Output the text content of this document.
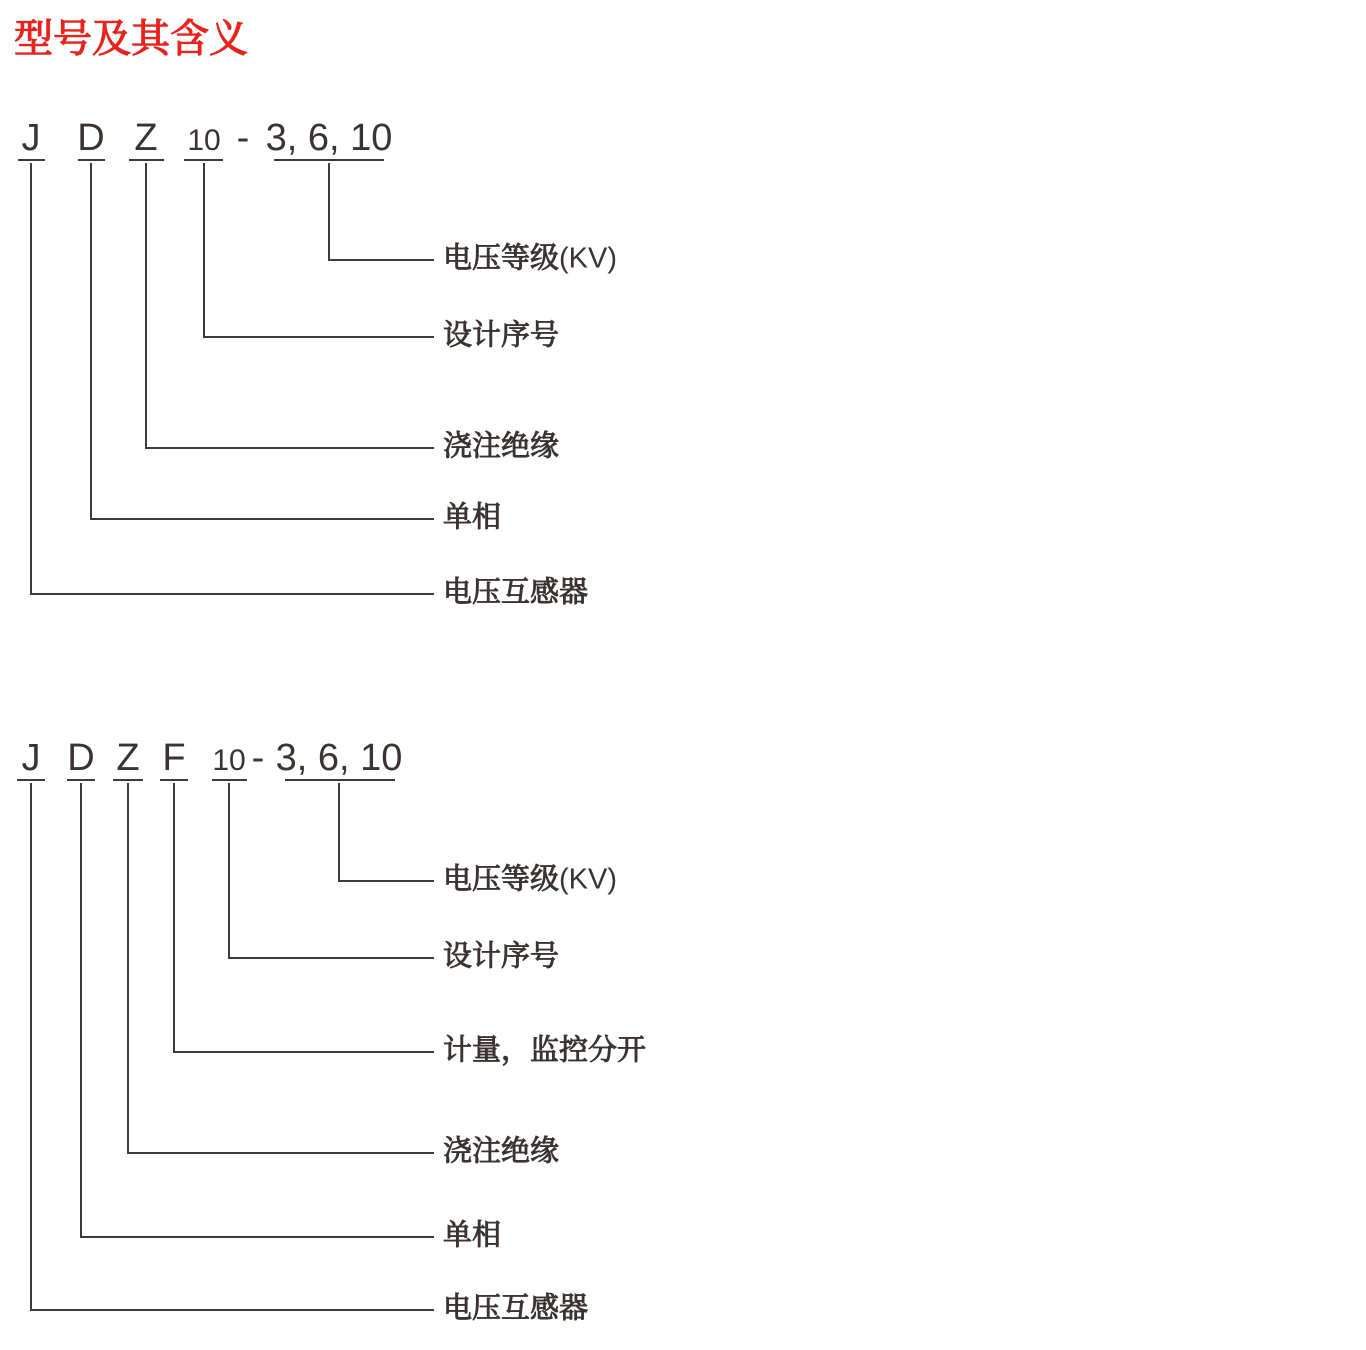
型号及其含义
J
电压互感器
D
单相
Z
浇注绝缘
10
设计序号
- 3, 6, 10
电压等级(KV)
J
电压互感器
D
单相
Z
浇注绝缘
F
计量，监控分开
10
设计序号
- 3, 6, 10
电压等级(KV)
